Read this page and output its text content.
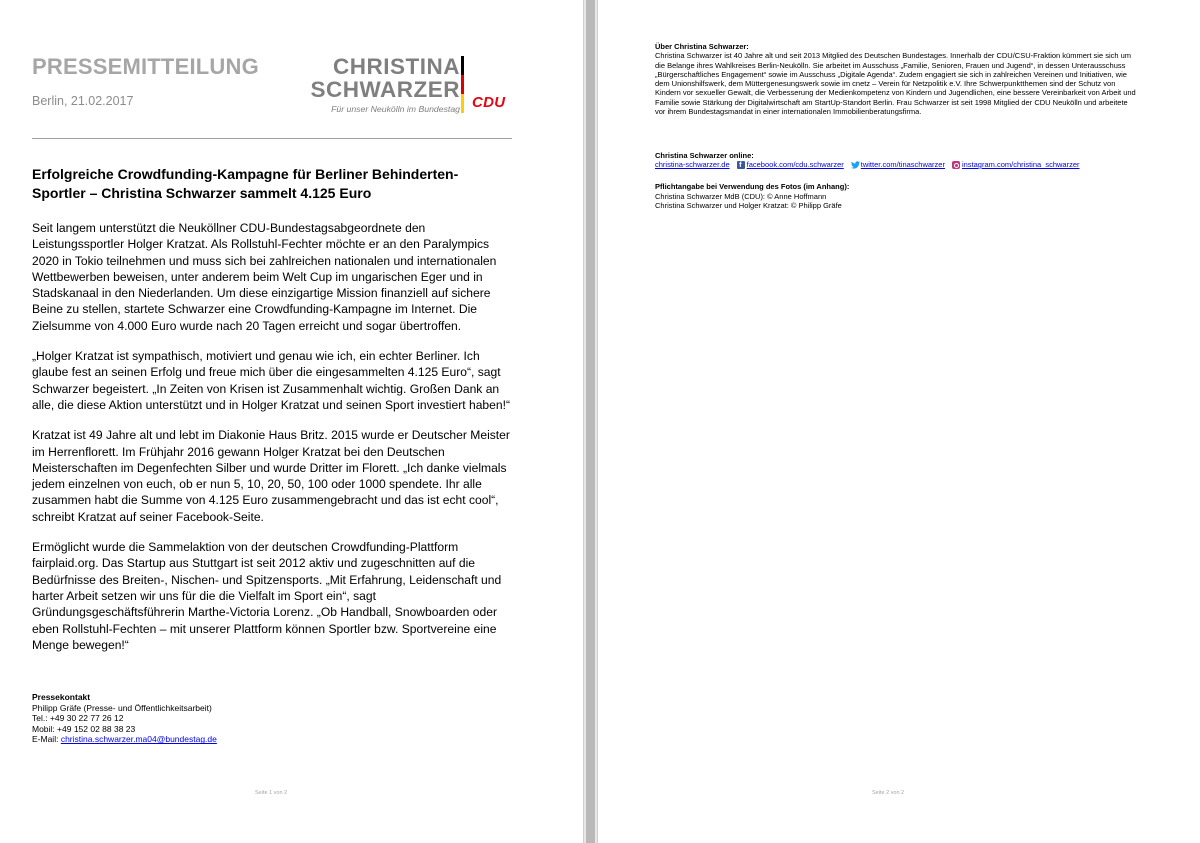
PRESSEMITTEILUNG
Berlin, 21.02.2017
CHRISTINA
SCHWARZER
Für unser Neukölln im Bundestag CDU
Erfolgreiche Crowdfunding-Kampagne für Berliner Behinderten-Sportler – Christina Schwarzer sammelt 4.125 Euro

Seit langem unterstützt die Neuköllner CDU-Bundestagsabgeordnete den Leistungssportler Holger Kratzat. Als Rollstuhl-Fechter möchte er an den Paralympics 2020 in Tokio teilnehmen und muss sich bei zahlreichen nationalen und internationalen Wettbewerben beweisen, unter anderem beim Welt Cup im ungarischen Eger und in Stadskanaal in den Niederlanden. Um diese einzigartige Mission finanziell auf sichere Beine zu stellen, startete Schwarzer eine Crowdfunding-Kampagne im Internet. Die Zielsumme von 4.000 Euro wurde nach 20 Tagen erreicht und sogar übertroffen.

„Holger Kratzat ist sympathisch, motiviert und genau wie ich, ein echter Berliner. Ich glaube fest an seinen Erfolg und freue mich über die eingesammelten 4.125 Euro“, sagt Schwarzer begeistert. „In Zeiten von Krisen ist Zusammenhalt wichtig. Großen Dank an alle, die diese Aktion unterstützt und in Holger Kratzat und seinen Sport investiert haben!“

Kratzat ist 49 Jahre alt und lebt im Diakonie Haus Britz. 2015 wurde er Deutscher Meister im Herrenflorett. Im Frühjahr 2016 gewann Holger Kratzat bei den Deutschen Meisterschaften im Degenfechten Silber und wurde Dritter im Florett. „Ich danke vielmals jedem einzelnen von euch, ob er nun 5, 10, 20, 50, 100 oder 1000 spendete. Ihr alle zusammen habt die Summe von 4.125 Euro zusammengebracht und das ist echt cool“, schreibt Kratzat auf seiner Facebook-Seite.

Ermöglicht wurde die Sammelaktion von der deutschen Crowdfunding-Plattform fairplaid.org. Das Startup aus Stuttgart ist seit 2012 aktiv und zugeschnitten auf die Bedürfnisse des Breiten-, Nischen- und Spitzensports. „Mit Erfahrung, Leidenschaft und harter Arbeit setzen wir uns für die die Vielfalt im Sport ein“, sagt Gründungsgeschäftsführerin Marthe-Victoria Lorenz. „Ob Handball, Snowboarden oder eben Rollstuhl-Fechten – mit unserer Plattform können Sportler bzw. Sportvereine eine Menge bewegen!“

Pressekontakt
Philipp Gräfe (Presse- und Öffentlichkeitsarbeit)
Tel.: +49 30 22 77 26 12
Mobil: +49 152 02 88 38 23
E-Mail: christina.schwarzer.ma04@bundestag.de
Seite 1 von 2
Über Christina Schwarzer:
Christina Schwarzer ist 40 Jahre alt und seit 2013 Mitglied des Deutschen Bundestages. Innerhalb der CDU/CSU-Fraktion kümmert sie sich um die Belange ihres Wahlkreises Berlin-Neukölln. Sie arbeitet im Ausschuss „Familie, Senioren, Frauen und Jugend“, in dessen Unterausschuss „Bürgerschaftliches Engagement“ sowie im Ausschuss „Digitale Agenda“. Zudem engagiert sie sich in zahlreichen Vereinen und Initiativen, wie dem Unionshilfswerk, dem Müttergenesungswerk sowie im cnetz – Verein für Netzpolitik e.V. Ihre Schwerpunktthemen sind der Schutz von Kindern vor sexueller Gewalt, die Verbesserung der Medienkompetenz von Kindern und Jugendlichen, eine bessere Vereinbarkeit von Arbeit und Familie sowie Stärkung der Digitalwirtschaft am StartUp-Standort Berlin. Frau Schwarzer ist seit 1998 Mitglied der CDU Neukölln und arbeitete vor ihrem Bundestagsmandat in einer internationalen Immobilienberatungsfirma.
Christina Schwarzer online:
christina-schwarzer.de
f facebook.com/cdu.schwarzer twitter.com/tinaschwarzer instagram.com/christina_schwarzer
Pflichtangabe bei Verwendung des Fotos (im Anhang):
Christina Schwarzer MdB (CDU): © Anne Hoffmann
Christina Schwarzer und Holger Kratzat: © Philipp Gräfe
Seite 2 von 2
